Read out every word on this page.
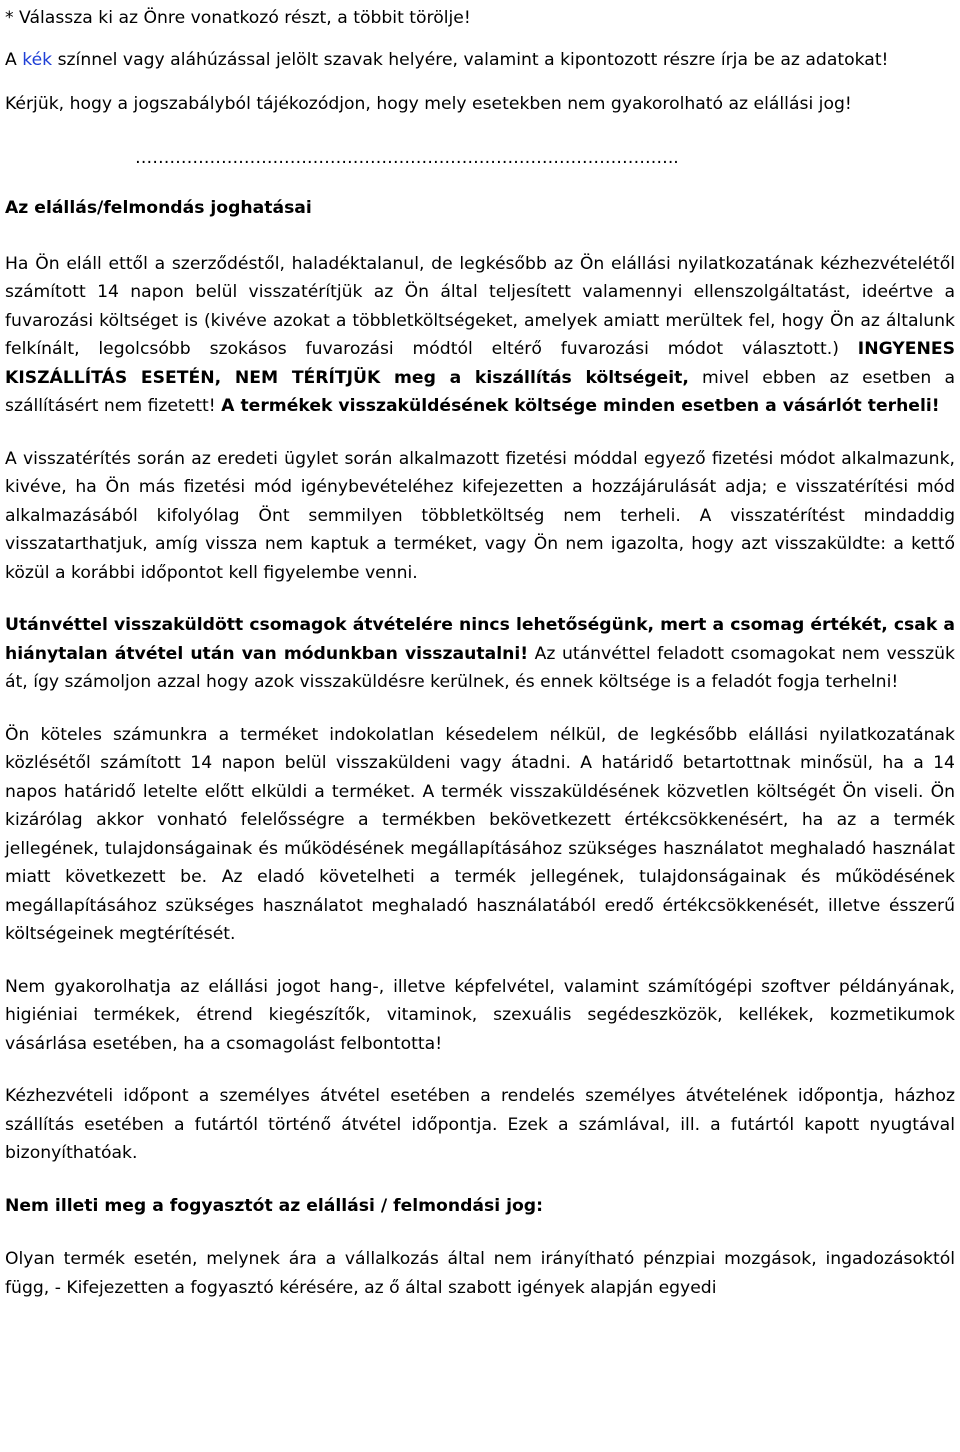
* Válassza ki az Önre vonatkozó részt, a többit törölje!

A kék színnel vagy aláhúzással jelölt szavak helyére, valamint a kipontozott részre írja be az adatokat!

Kérjük, hogy a jogszabályból tájékozódjon, hogy mely esetekben nem gyakorolható az elállási jog!

…………………………………………………………………………………..

Az elállás/felmondás joghatásai

Ha Ön eláll ettől a szerződéstől, haladéktalanul, de legkésőbb az Ön elállási nyilatkozatának kézhezvételétől számított 14 napon belül visszatérítjük az Ön által teljesített valamennyi ellenszolgáltatást, ideértve a fuvarozási költséget is (kivéve azokat a többletköltségeket, amelyek amiatt merültek fel, hogy Ön az általunk felkínált, legolcsóbb szokásos fuvarozási módtól eltérő fuvarozási módot választott.) INGYENES KISZÁLLÍTÁS ESETÉN, NEM TÉRÍTJÜK meg a kiszállítás költségeit, mivel ebben az esetben a szállításért nem fizetett! A termékek visszaküldésének költsége minden esetben a vásárlót terheli!

A visszatérítés során az eredeti ügylet során alkalmazott fizetési móddal egyező fizetési módot alkalmazunk, kivéve, ha Ön más fizetési mód igénybevételéhez kifejezetten a hozzájárulását adja; e visszatérítési mód alkalmazásából kifolyólag Önt semmilyen többletköltség nem terheli. A visszatérítést mindaddig visszatarthatjuk, amíg vissza nem kaptuk a terméket, vagy Ön nem igazolta, hogy azt visszaküldte: a kettő közül a korábbi időpontot kell figyelembe venni.

Utánvéttel visszaküldött csomagok átvételére nincs lehetőségünk, mert a csomag értékét, csak a hiánytalan átvétel után van módunkban visszautalni! Az utánvéttel feladott csomagokat nem vesszük át, így számoljon azzal hogy azok visszaküldésre kerülnek, és ennek költsége is a feladót fogja terhelni!

Ön köteles számunkra a terméket indokolatlan késedelem nélkül, de legkésőbb elállási nyilatkozatának közlésétől számított 14 napon belül visszaküldeni vagy átadni. A határidő betartottnak minősül, ha a 14 napos határidő letelte előtt elküldi a terméket. A termék visszaküldésének közvetlen költségét Ön viseli. Ön kizárólag akkor vonható felelősségre a termékben bekövetkezett értékcsökkenésért, ha az a termék jellegének, tulajdonságainak és működésének megállapításához szükséges használatot meghaladó használat miatt következett be. Az eladó követelheti a termék jellegének, tulajdonságainak és működésének megállapításához szükséges használatot meghaladó használatából eredő értékcsökkenését, illetve ésszerű költségeinek megtérítését.

Nem gyakorolhatja az elállási jogot hang-, illetve képfelvétel, valamint számítógépi szoftver példányának, higiéniai termékek, étrend kiegészítők, vitaminok, szexuális segédeszközök, kellékek, kozmetikumok vásárlása esetében, ha a csomagolást felbontotta!

Kézhezvételi időpont a személyes átvétel esetében a rendelés személyes átvételének időpontja, házhoz szállítás esetében a futártól történő átvétel időpontja. Ezek a számlával, ill. a futártól kapott nyugtával bizonyíthatóak.

Nem illeti meg a fogyasztót az elállási / felmondási jog:

Olyan termék esetén, melynek ára a vállalkozás által nem irányítható pénzpiai mozgások, ingadozásoktól függ, - Kifejezetten a fogyasztó kérésére, az ő által szabott igények alapján egyedi
